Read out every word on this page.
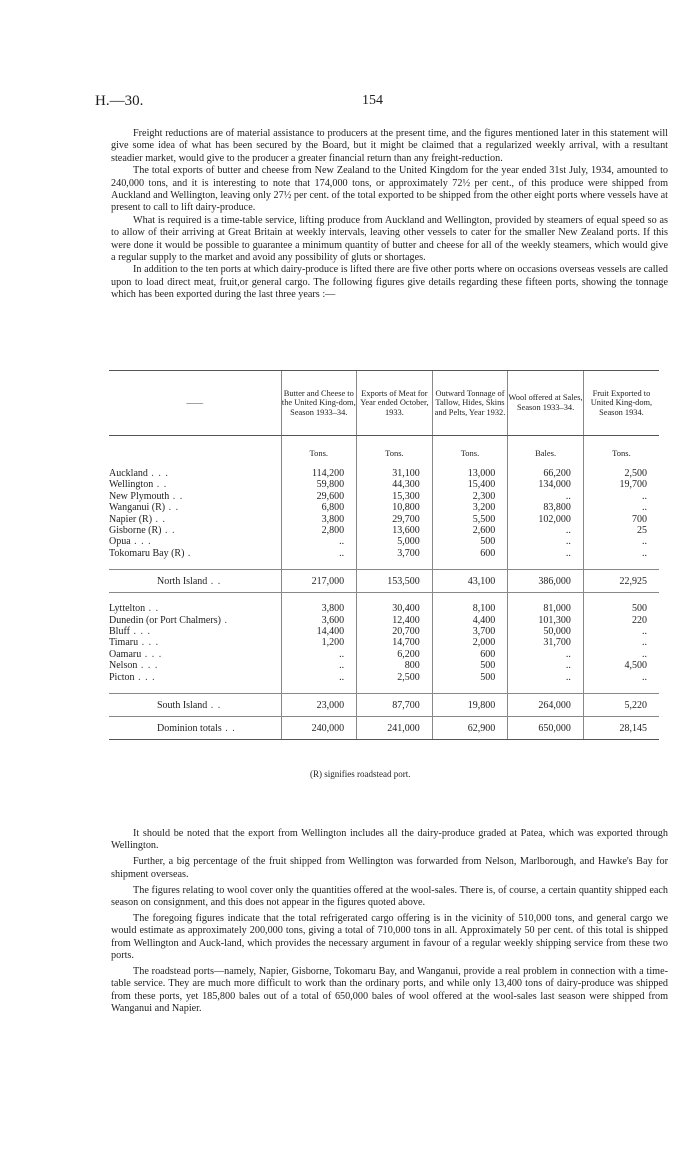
H.—30.	154

Freight reductions are of material assistance to producers at the present time, and the figures mentioned later in this statement will give some idea of what has been secured by the Board, but it might be claimed that a regularized weekly arrival, with a resultant steadier market, would give to the producer a greater financial return than any freight-reduction.

The total exports of butter and cheese from New Zealand to the United Kingdom for the year ended 31st July, 1934, amounted to 240,000 tons, and it is interesting to note that 174,000 tons, or approximately 72½ per cent., of this produce were shipped from Auckland and Wellington, leaving only 27½ per cent. of the total exported to be shipped from the other eight ports where vessels have at present to call to lift dairy-produce.

What is required is a time-table service, lifting produce from Auckland and Wellington, provided by steamers of equal speed so as to allow of their arriving at Great Britain at weekly intervals, leaving other vessels to cater for the smaller New Zealand ports. If this were done it would be possible to guarantee a minimum quantity of butter and cheese for all of the weekly steamers, which would give a regular supply to the market and avoid any possibility of gluts or shortages.

In addition to the ten ports at which dairy-produce is lifted there are five other ports where on occasions overseas vessels are called upon to load direct meat, fruit,or general cargo. The following figures give details regarding these fifteen ports, showing the tonnage which has been exported during the last three years :—

——	Butter and Cheese to the United King-dom, Season 1933–34.	Exports of Meat for Year ended October, 1933.	Outward Tonnage of Tallow, Hides, Skins and Pelts, Year 1932.	Wool offered at Sales, Season 1933–34.	Fruit Exported to United King-dom, Season 1934.
	Tons.	Tons.	Tons.	Bales.	Tons.

Auckland . . .	114,200	31,100	13,000	66,200	2,500
Wellington . .	59,800	44,300	15,400	134,000	19,700
New Plymouth . .	29,600	15,300	2,300	..	..
Wanganui (R) . .	6,800	10,800	3,200	83,800	..
Napier (R) . .	3,800	29,700	5,500	102,000	700
Gisborne (R) . .	2,800	13,600	2,600	..	25
Opua . . .	..	5,000	500	..	..
Tokomaru Bay (R) .	..	3,700	600	..	..

North Island . .	217,000	153,500	43,100	386,000	22,925

Lyttelton . .	3,800	30,400	8,100	81,000	500
Dunedin (or Port Chalmers) .	3,600	12,400	4,400	101,300	220
Bluff . . .	14,400	20,700	3,700	50,000	..
Timaru . . .	1,200	14,700	2,000	31,700	..
Oamaru . . .	..	6,200	600	..	..
Nelson . . .	..	800	500	..	4,500
Picton . . .	..	2,500	500	..	..

South Island . .	23,000	87,700	19,800	264,000	5,220
Dominion totals . .	240,000	241,000	62,900	650,000	28,145
(R) signifies roadstead port.

It should be noted that the export from Wellington includes all the dairy-produce graded at Patea, which was exported through Wellington.

Further, a big percentage of the fruit shipped from Wellington was forwarded from Nelson, Marlborough, and Hawke's Bay for shipment overseas.

The figures relating to wool cover only the quantities offered at the wool-sales. There is, of course, a certain quantity shipped each season on consignment, and this does not appear in the figures quoted above.

The foregoing figures indicate that the total refrigerated cargo offering is in the vicinity of 510,000 tons, and general cargo we would estimate as approximately 200,000 tons, giving a total of 710,000 tons in all. Approximately 50 per cent. of this total is shipped from Wellington and Auck-land, which provides the necessary argument in favour of a regular weekly shipping service from these two ports.

The roadstead ports—namely, Napier, Gisborne, Tokomaru Bay, and Wanganui, provide a real problem in connection with a time-table service. They are much more difficult to work than the ordinary ports, and while only 13,400 tons of dairy-produce was shipped from these ports, yet 185,800 bales out of a total of 650,000 bales of wool offered at the wool-sales last season were shipped from Wanganui and Napier.
